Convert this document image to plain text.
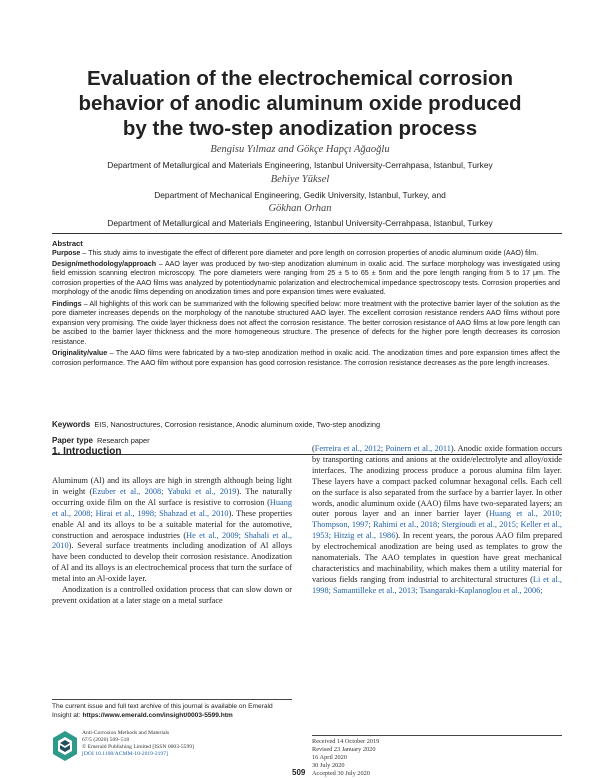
Evaluation of the electrochemical corrosion
behavior of anodic aluminum oxide produced
by the two-step anodization process
Bengisu Yılmaz and Gökçe Hapçı Ağaoğlu
Department of Metallurgical and Materials Engineering, Istanbul University-Cerrahpasa, Istanbul, Turkey
Behiye Yüksel
Department of Mechanical Engineering, Gedik University, Istanbul, Turkey, and
Gökhan Orhan
Department of Metallurgical and Materials Engineering, Istanbul University-Cerrahpasa, Istanbul, Turkey

Abstract

Purpose – This study aims to investigate the effect of different pore diameter and pore length on corrosion properties of anodic aluminum oxide (AAO) film.

Design/methodology/approach – AAO layer was produced by two-step anodization aluminum in oxalic acid. The surface morphology was investigated using field emission scanning electron microscopy. The pore diameters were ranging from 25 ± 5 to 65 ± 5nm and the pore length ranging from 5 to 17 μm. The corrosion properties of the AAO films was analyzed by potentiodynamic polarization and electrochemical impedance spectroscopy tests. Corrosion properties and morphology of the anodic films depending on anodization times and pore expansion times were evaluated.

Findings – All highlights of this work can be summarized with the following specified below: more treatment with the protective barrier layer of the solution as the pore diameter increases depends on the morphology of the nanotube structured AAO layer. The excellent corrosion resistance renders AAO films without pore expansion very promising. The oxide layer thickness does not affect the corrosion resistance. The better corrosion resistance of AAO films at low pore length can be ascibed to the barrier layer thickness and the more homogeneous structure. The presence of defects for the higher pore length decreases its corrosion resistance.

Originality/value – The AAO films were fabricated by a two-step anodization method in oxalic acid. The anodization times and pore expansion times affect the corrosion performance. The AAO film without pore expansion has good corrosion resistance. The corrosion resistance decreases as the pore length increases.

Keywords EIS, Nanostructures, Corrosion resistance, Anodic aluminum oxide, Two-step anodizing
Paper type Research paper
1. Introduction

Aluminum (Al) and its alloys are high in strength although being light in weight (Ezuber et al., 2008; Yabuki et al., 2019). The naturally occurring oxide film on the Al surface is resistive to corrosion (Huang et al., 2008; Hirai et al., 1998; Shahzad et al., 2010). These properties enable Al and its alloys to be a suitable material for the automotive, construction and aerospace industries (He et al., 2009; Shahali et al., 2010). Several surface treatments including anodization of Al alloys have been conducted to develop their corrosion resistance. Anodization of Al and its alloys is an electrochemical process that turn the surface of metal into an Al-oxide layer.

Anodization is a controlled oxidation process that can slow down or prevent oxidation at a later stage on a metal surface

(Ferreira et al., 2012; Poinern et al., 2011). Anodic oxide formation occurs by transporting cations and anions at the oxide/electrolyte and alloy/oxide interfaces. The anodizing process produce a porous alumina film layer. These layers have a compact packed columnar hexagonal cells. Each cell on the surface is also separated from the surface by a barrier layer. In other words, anodic aluminum oxide (AAO) films have two-separated layers; an outer porous layer and an inner barrier layer (Huang et al., 2010; Thompson, 1997; Rahimi et al., 2018; Stergioudi et al., 2015; Keller et al., 1953; Hitzig et al., 1986). In recent years, the porous AAO film prepared by electrochemical anodization are being used as templates to grow the nanomaterials. The AAO templates in question have great mechanical characteristics and machinability, which makes them a utility material for various fields ranging from industrial to architectural structures (Li et al., 1998; Samantilleke et al., 2013; Tsangaraki-Kaplanoglou et al., 2006;

The current issue and full text archive of this journal is available on Emerald Insight at: https://www.emerald.com/insight/0003-5599.htm
Anti-Corrosion Methods and Materials
67/5 (2020) 509–518
© Emerald Publishing Limited [ISSN 0003-5599]
[DOI 10.1108/ACMM-10-2019-2197]
Received 14 October 2019
Revised 23 January 2020
16 April 2020
30 July 2020
Accepted 30 July 2020
509
